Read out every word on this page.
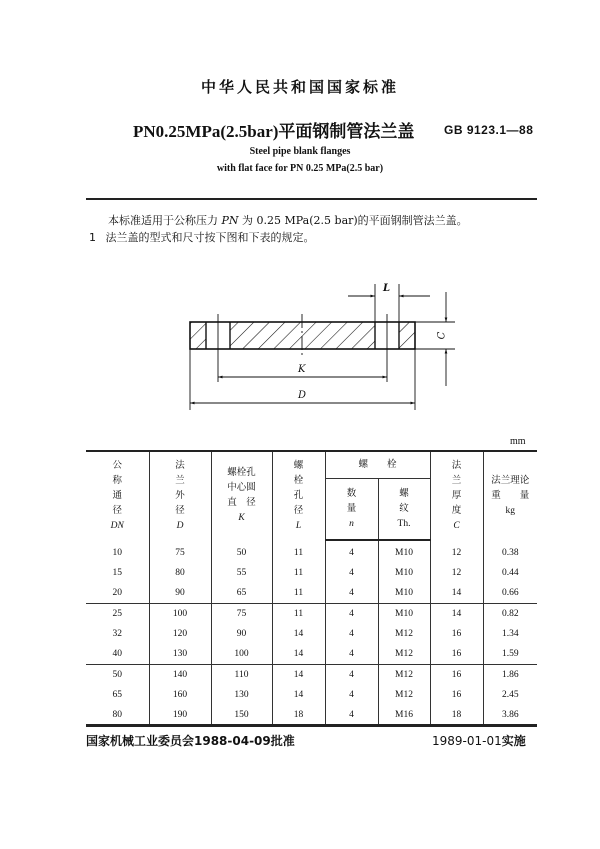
中华人民共和国国家标准
PN0.25MPa(2.5bar)平面钢制管法兰盖 GB 9123.1—88
Steel pipe blank flanges
with flat face for PN 0.25 MPa(2.5 bar)
本标准适用于公称压力 PN 为 0.25 MPa(2.5 bar)的平面钢制管法兰盖。
1 法兰盖的型式和尺寸按下图和下表的规定。
L
C
K
D
mm
公
称
通
径
DN	法
兰
外
径
D	螺栓孔
中心圆
直　径
K	螺
栓
孔
径
L	螺　　栓		法
兰
厚
度
C	法兰理论
重　　量
kg

				数
量
n	螺
纹
Th.		

10	75	50	11	4	M10	12	0.38
15	80	55	11	4	M10	12	0.44
20	90	65	11	4	M10	14	0.66
25	100	75	11	4	M10	14	0.82
32	120	90	14	4	M12	16	1.34
40	130	100	14	4	M12	16	1.59
50	140	110	14	4	M12	16	1.86
65	160	130	14	4	M12	16	2.45
80	190	150	18	4	M16	18	3.86
国家机械工业委员会1988-04-09批准	1989-01-01实施
